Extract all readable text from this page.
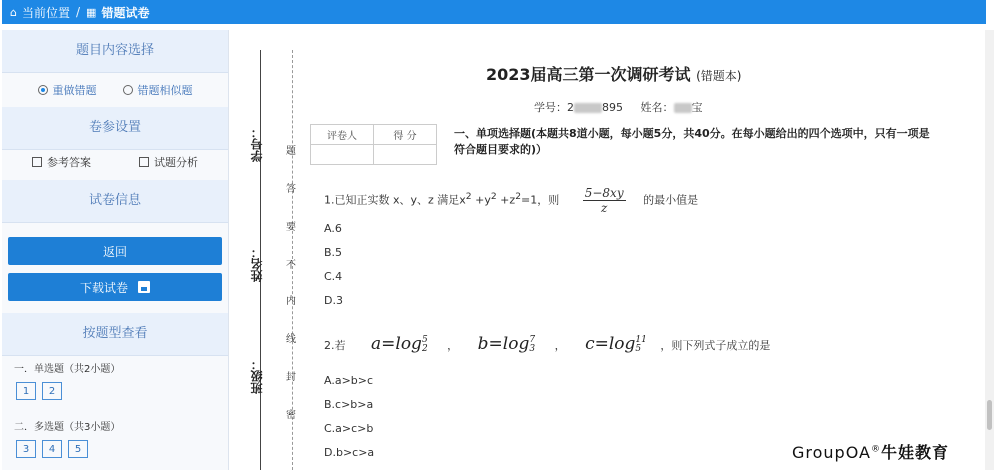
⌂ 当前位置 / ▦ 错题试卷
题目内容选择
重做错题	错题相似题
卷参设置
参考答案	试题分析
试卷信息
返回
下载试卷
按题型查看
一．单选题（共2小题）
1	2
二．多选题（共3小题）
3	4	5
学号：
姓名：
班级：
题
答
要
不
内
线
封
密
2023届高三第一次调研考试 (错题本)
学号：2	895 姓名： 宝
评卷人	得 分
		一、单项选择题(本题共8道小题，每小题5分，共40分。在每小题给出的四个选项中，只有一项是符合题目要求的)）
1.已知正实数 x、y、z 满足$x^2 +y^2 +z^2=1$，则 $\frac{5-8xy}{z}$ 的最小值是
A.6
B.5
C.4
D.3
2.若 a=log 5
2 ， b=log 7
3 ， c=log 11
5	，则下列式子成立的是
A.a>b>c
B.c>b>a
C.a>c>b
D.b>c>a	GroupOA®牛娃教育
